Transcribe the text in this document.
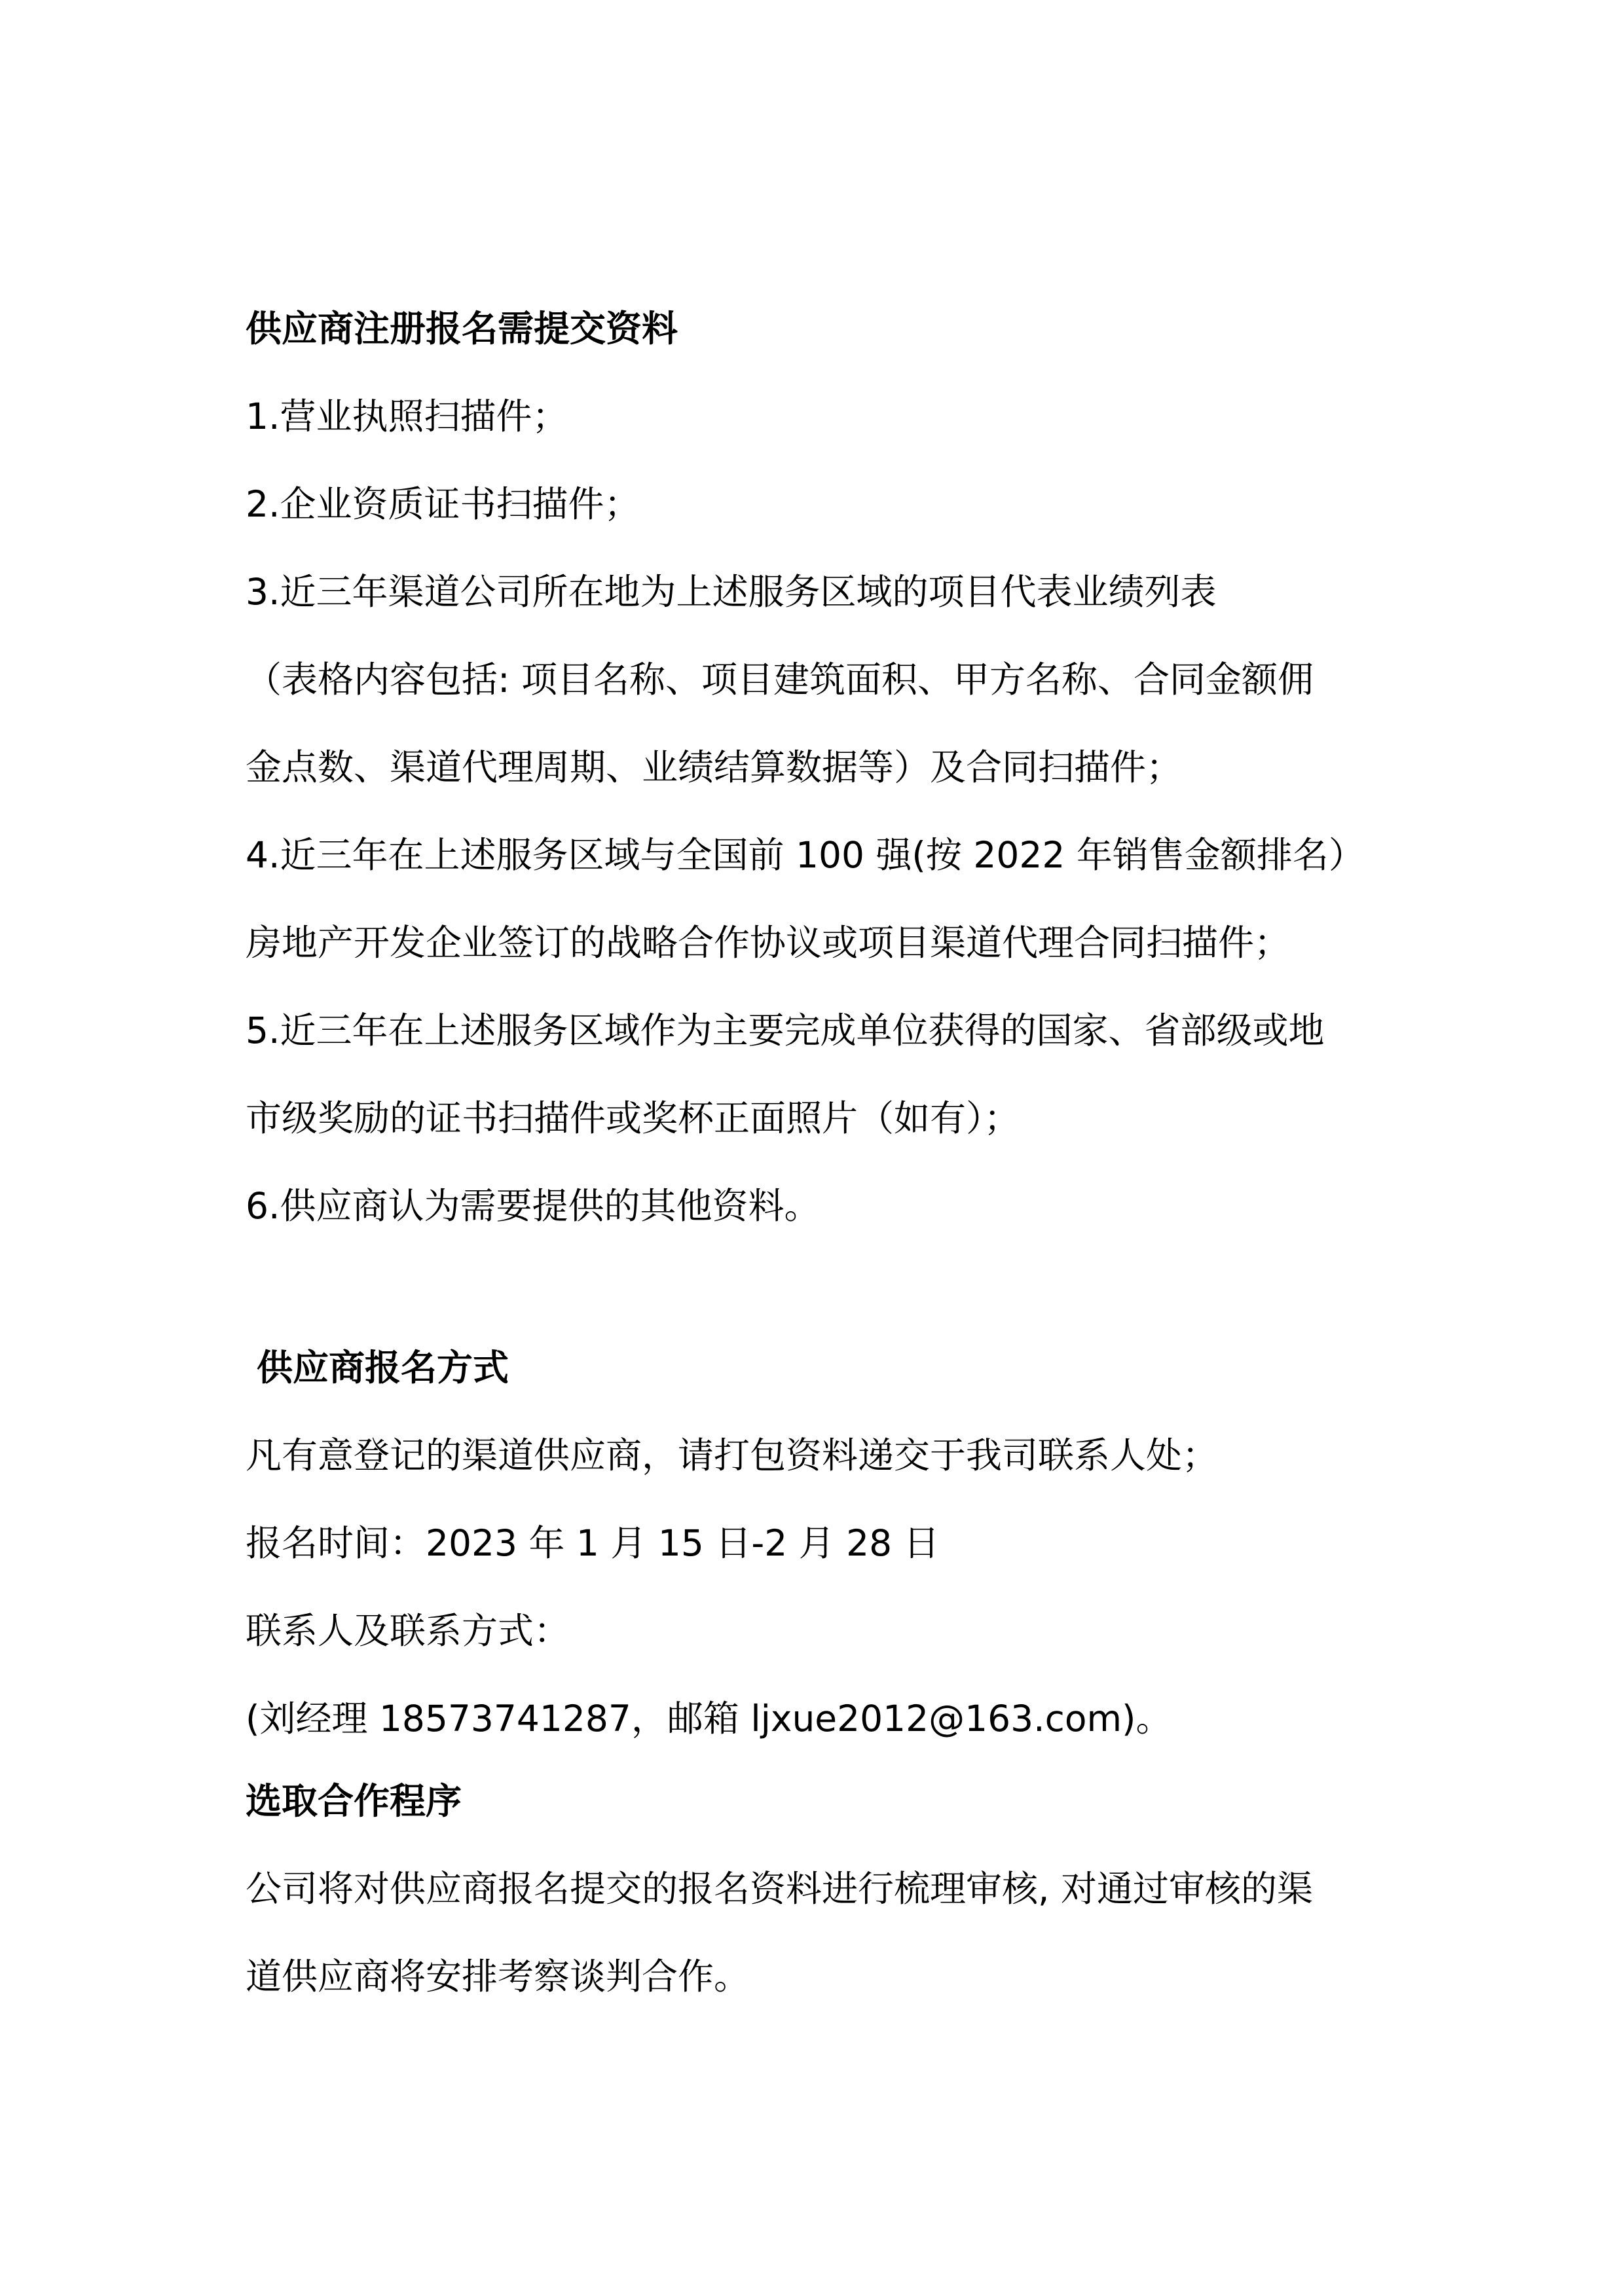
供应商注册报名需提交资料
1.营业执照扫描件；
2.企业资质证书扫描件；
3.近三年渠道公司所在地为上述服务区域的项目代表业绩列表
（表格内容包括: 项目名称、项目建筑面积、甲方名称、合同金额佣
金点数、渠道代理周期、业绩结算数据等）及合同扫描件；
4.近三年在上述服务区域与全国前 100 强(按 2022 年销售金额排名）
房地产开发企业签订的战略合作协议或项目渠道代理合同扫描件；
5.近三年在上述服务区域作为主要完成单位获得的国家、省部级或地
市级奖励的证书扫描件或奖杯正面照片（如有）；
6.供应商认为需要提供的其他资料。
供应商报名方式
凡有意登记的渠道供应商，请打包资料递交于我司联系人处；
报名时间：2023 年 1 月 15 日-2 月 28 日
联系人及联系方式：
(刘经理 18573741287，邮箱 ljxue2012@163.com)。
选取合作程序
公司将对供应商报名提交的报名资料进行梳理审核, 对通过审核的渠
道供应商将安排考察谈判合作。
